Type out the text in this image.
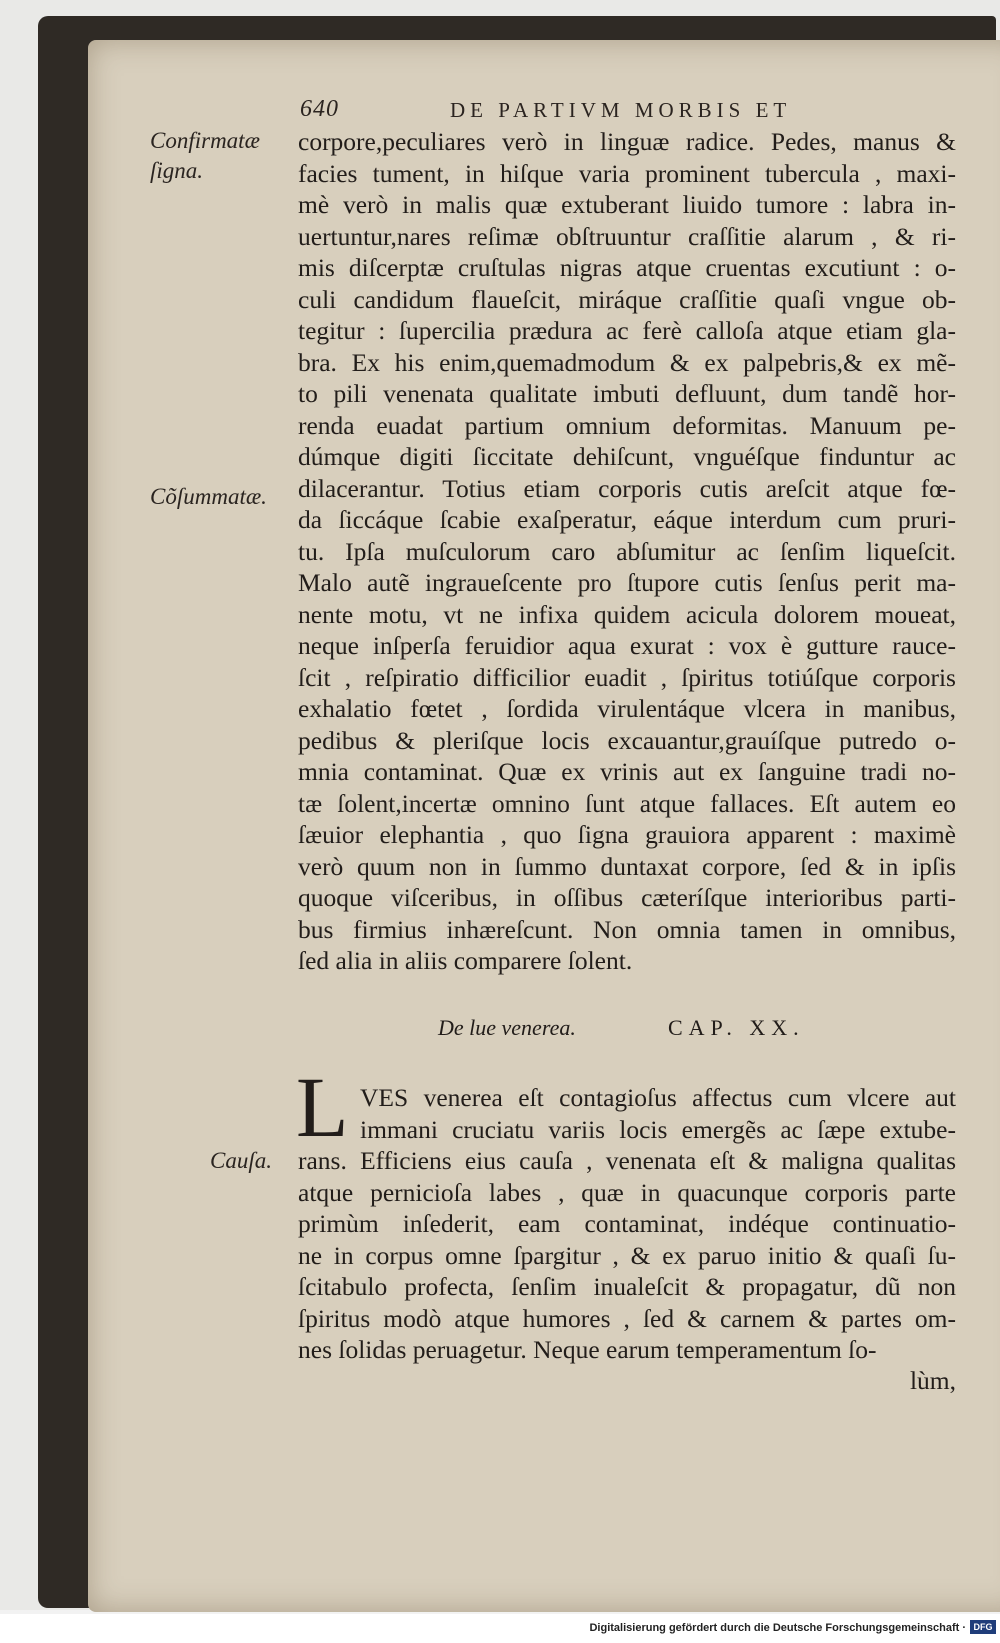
640	DE PARTIVM MORBIS ET
Confirmatæ
ſigna.
Cõſummatæ.
Cauſa.
corpore,peculiares verò in linguæ radice. Pedes, manus &
facies tument, in hiſque varia prominent tubercula , maxi-
mè verò in malis quæ extuberant liuido tumore : labra in-
uertuntur,nares reſimæ obſtruuntur craſſitie alarum , & ri-
mis diſcerptæ cruſtulas nigras atque cruentas excutiunt : o-
culi candidum flaueſcit, miráque craſſitie quaſi vngue ob-
tegitur : ſupercilia prædura ac ferè calloſa atque etiam gla-
bra. Ex his enim,quemadmodum & ex palpebris,& ex mẽ-
to pili venenata qualitate imbuti defluunt, dum tandẽ hor-
renda euadat partium omnium deformitas. Manuum pe-
dúmque digiti ſiccitate dehiſcunt, vnguéſque finduntur ac
dilacerantur. Totius etiam corporis cutis areſcit atque fœ-
da ſiccáque ſcabie exaſperatur, eáque interdum cum pruri-
tu. Ipſa muſculorum caro abſumitur ac ſenſim liqueſcit.
Malo autẽ ingraueſcente pro ſtupore cutis ſenſus perit ma-
nente motu, vt ne infixa quidem acicula dolorem moueat,
neque inſperſa feruidior aqua exurat : vox è gutture rauce-
ſcit , reſpiratio difficilior euadit , ſpiritus totiúſque corporis
exhalatio fœtet , ſordida virulentáque vlcera in manibus,
pedibus & pleriſque locis excauantur,grauíſque putredo o-
mnia contaminat. Quæ ex vrinis aut ex ſanguine tradi no-
tæ ſolent,incertæ omnino ſunt atque fallaces. Eſt autem eo
ſæuior elephantia , quo ſigna grauiora apparent : maximè
verò quum non in ſummo duntaxat corpore, ſed & in ipſis
quoque viſceribus, in oſſibus cæteríſque interioribus parti-
bus firmius inhæreſcunt. Non omnia tamen in omnibus,
ſed alia in aliis comparere ſolent.
De lue venerea.	CAP. XX.
L VES venerea eſt contagioſus affectus cum vlcere aut
immani cruciatu variis locis emergẽs ac ſæpe extube-
rans. Efficiens eius cauſa , venenata eſt & maligna qualitas
atque pernicioſa labes , quæ in quacunque corporis parte
primùm inſederit, eam contaminat, indéque continuatio-
ne in corpus omne ſpargitur , & ex paruo initio & quaſi ſu-
ſcitabulo profecta, ſenſim inualeſcit & propagatur, dũ non
ſpiritus modò atque humores , ſed & carnem & partes om-
nes ſolidas peruagetur. Neque earum temperamentum ſo-
lùm,
Digitalisierung gefördert durch die Deutsche Forschungsgemeinschaft · DFG
